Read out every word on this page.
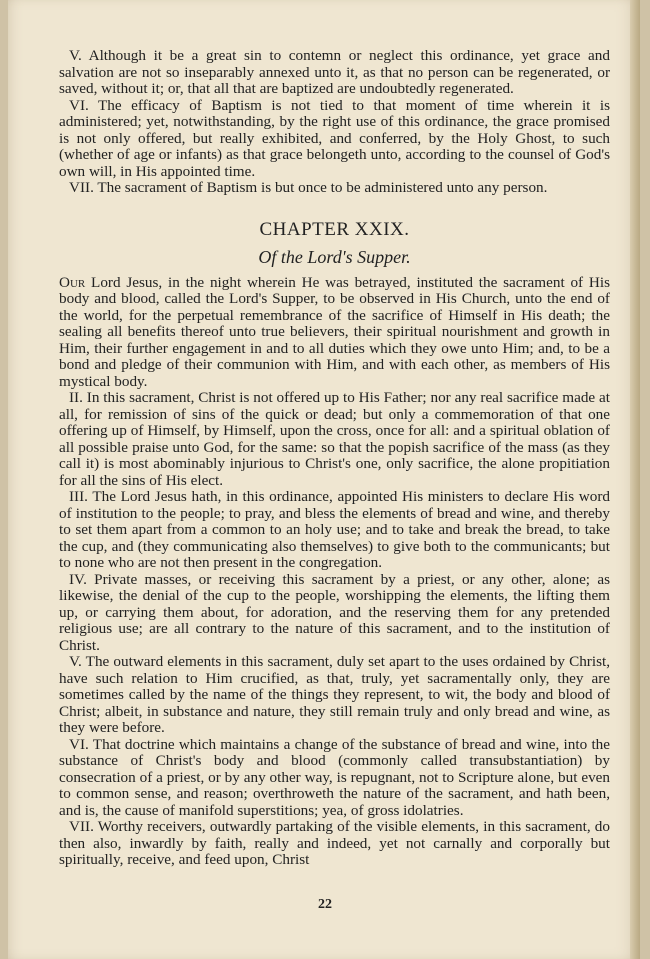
V. Although it be a great sin to contemn or neglect this ordinance, yet grace and salvation are not so inseparably annexed unto it, as that no person can be regenerated, or saved, without it; or, that all that are baptized are undoubtedly regenerated.

VI. The efficacy of Baptism is not tied to that moment of time wherein it is administered; yet, notwithstanding, by the right use of this ordinance, the grace promised is not only offered, but really exhibited, and conferred, by the Holy Ghost, to such (whether of age or infants) as that grace belongeth unto, according to the counsel of God's own will, in His appointed time.

VII. The sacrament of Baptism is but once to be administered unto any person.

CHAPTER XXIX.
Of the Lord's Supper.

Our Lord Jesus, in the night wherein He was betrayed, instituted the sacrament of His body and blood, called the Lord's Supper, to be observed in His Church, unto the end of the world, for the perpetual remembrance of the sacrifice of Himself in His death; the sealing all benefits thereof unto true believers, their spiritual nourishment and growth in Him, their further engagement in and to all duties which they owe unto Him; and, to be a bond and pledge of their communion with Him, and with each other, as members of His mystical body.

II. In this sacrament, Christ is not offered up to His Father; nor any real sacrifice made at all, for remission of sins of the quick or dead; but only a commemoration of that one offering up of Himself, by Himself, upon the cross, once for all: and a spiritual oblation of all possible praise unto God, for the same: so that the popish sacrifice of the mass (as they call it) is most abominably injurious to Christ's one, only sacrifice, the alone propitiation for all the sins of His elect.

III. The Lord Jesus hath, in this ordinance, appointed His ministers to declare His word of institution to the people; to pray, and bless the elements of bread and wine, and thereby to set them apart from a common to an holy use; and to take and break the bread, to take the cup, and (they communicating also themselves) to give both to the communicants; but to none who are not then present in the congregation.

IV. Private masses, or receiving this sacrament by a priest, or any other, alone; as likewise, the denial of the cup to the people, worshipping the elements, the lifting them up, or carrying them about, for adoration, and the reserving them for any pretended religious use; are all contrary to the nature of this sacrament, and to the institution of Christ.

V. The outward elements in this sacrament, duly set apart to the uses ordained by Christ, have such relation to Him crucified, as that, truly, yet sacramentally only, they are sometimes called by the name of the things they represent, to wit, the body and blood of Christ; albeit, in substance and nature, they still remain truly and only bread and wine, as they were before.

VI. That doctrine which maintains a change of the substance of bread and wine, into the substance of Christ's body and blood (commonly called transubstantiation) by consecration of a priest, or by any other way, is repugnant, not to Scripture alone, but even to common sense, and reason; overthroweth the nature of the sacrament, and hath been, and is, the cause of manifold superstitions; yea, of gross idolatries.

VII. Worthy receivers, outwardly partaking of the visible elements, in this sacrament, do then also, inwardly by faith, really and indeed, yet not carnally and corporally but spiritually, receive, and feed upon, Christ

22
